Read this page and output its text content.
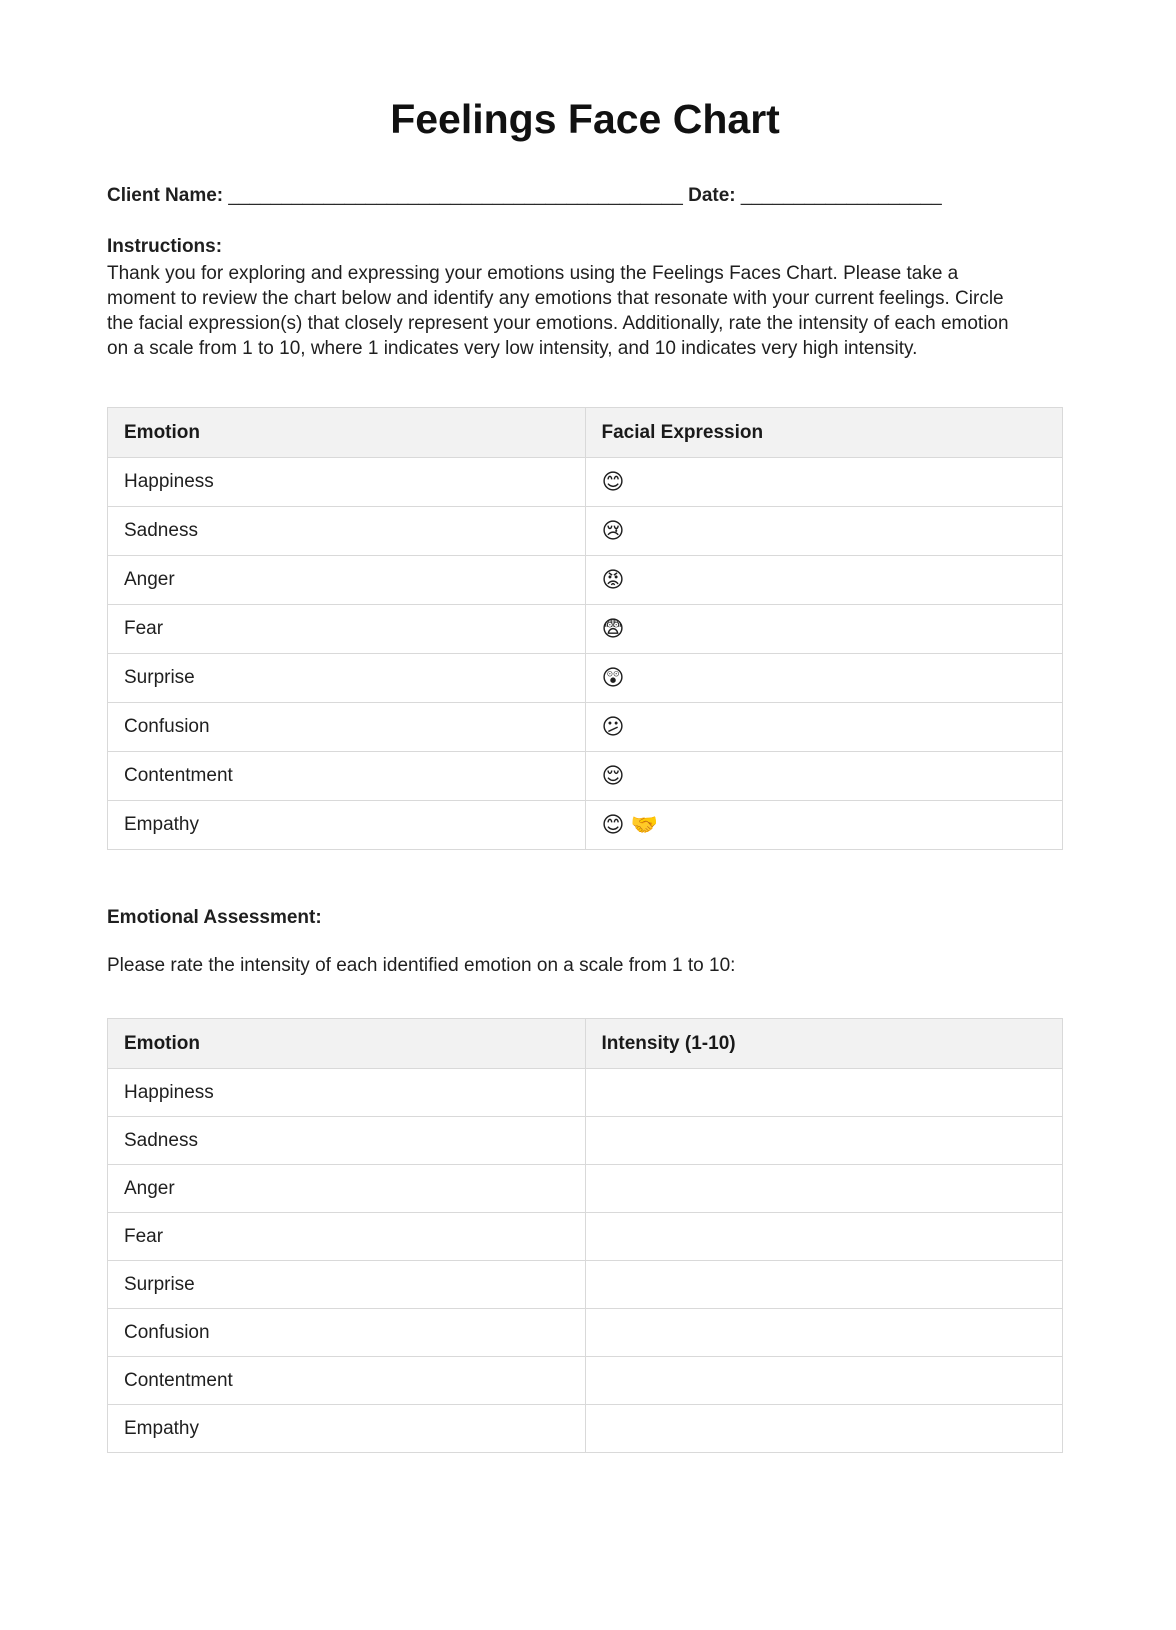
Feelings Face Chart
Client Name: ___________________________________________ Date: ___________________
Instructions:
Thank you for exploring and expressing your emotions using the Feelings Faces Chart. Please take a moment to review the chart below and identify any emotions that resonate with your current feelings. Circle the facial expression(s) that closely represent your emotions. Additionally, rate the intensity of each emotion on a scale from 1 to 10, where 1 indicates very low intensity, and 10 indicates very high intensity.
Emotion	Facial Expression
Happiness	😊
Sadness	😢
Anger	😡
Fear	😨
Surprise	😲
Confusion	😕
Contentment	😌
Empathy	😊 🤝
Emotional Assessment:
Please rate the intensity of each identified emotion on a scale from 1 to 10:
Emotion	Intensity (1-10)
Happiness	
Sadness	
Anger	
Fear	
Surprise	
Confusion	
Contentment	
Empathy	
